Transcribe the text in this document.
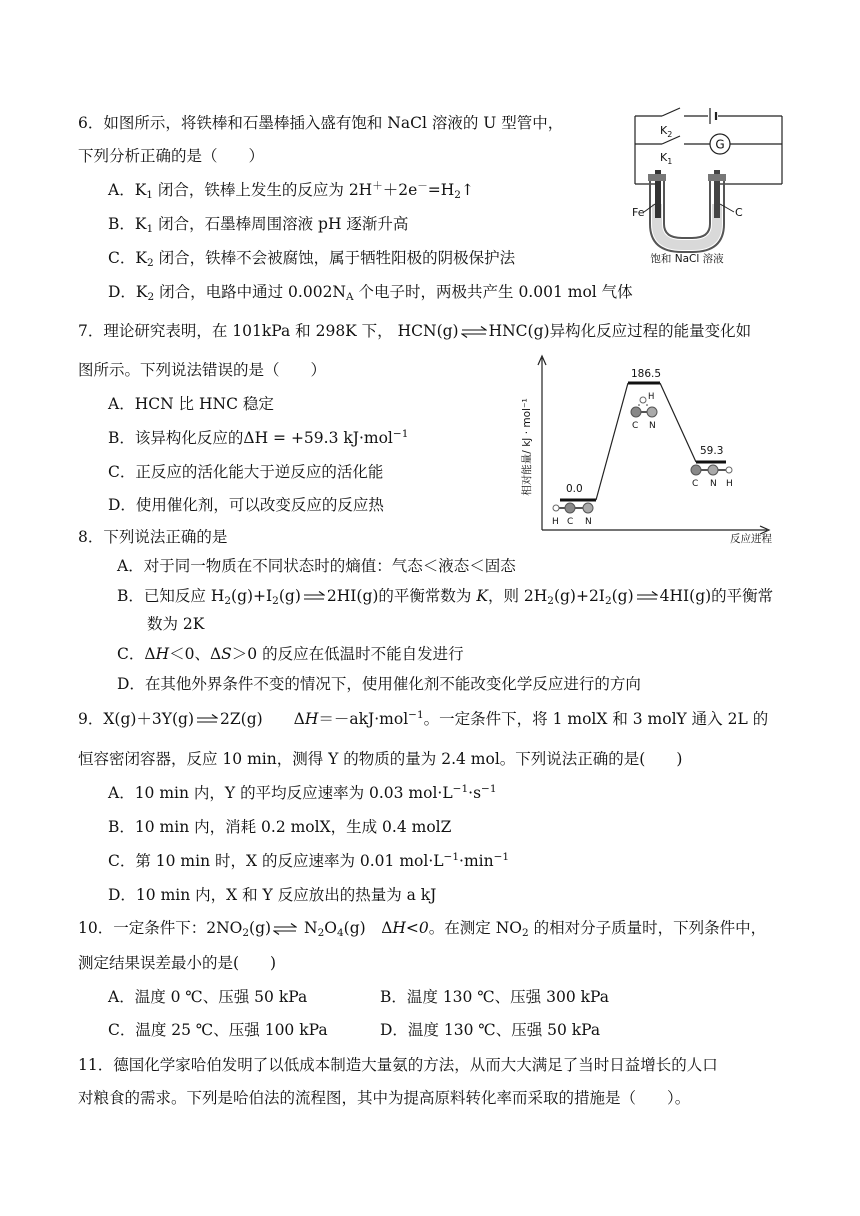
6．如图所示，将铁棒和石墨棒插入盛有饱和 NaCl 溶液的 U 型管中，
下列分析正确的是（　　）
A．$K_1$ 闭合，铁棒上发生的反应为 $2H^++2e^-=H_2↑$
B．$K_1$ 闭合，石墨棒周围溶液 pH 逐渐升高
C．$K_2$ 闭合，铁棒不会被腐蚀，属于牺牲阳极的阴极保护法
D．$K_2$ 闭合，电路中通过 $0.002N_A$ 个电子时，两极共产生 0.001 mol 气体
G
$K_2$
$K_1$
Fe	C
饱和 NaCl 溶液
7．理论研究表明，在 101kPa 和 298K 下， HCN(g) ⇌ HNC(g)异构化反应过程的能量变化如
图所示。下列说法错误的是（　　）
A．HCN 比 HNC 稳定
B．该异构化反应的ΔH = +59.3 kJ·mol$^{-1}$
C．正反应的活化能大于逆反应的活化能
D．使用催化剂，可以改变反应的反应热
相对能量/ kJ · mol⁻¹
反应进程
0.0
186.5
59.3
H C N
H
C N
C N H
8．下列说法正确的是
A．对于同一物质在不同状态时的熵值：气态＜液态＜固态
B．已知反应 $H_2(g)+I_2(g)$ 2HI(g)的平衡常数为 K，则 $2H_2(g)+2I_2(g)$ 4HI(g)的平衡常
数为 2K
C．ΔH＜0、ΔS＞0 的反应在低温时不能自发进行
D．在其他外界条件不变的情况下，使用催化剂不能改变化学反应进行的方向
9．X(g)＋3Y(g) 2Z(g)　　ΔH＝－akJ·mol$^{-1}$。一定条件下，将 1 molX 和 3 molY 通入 2L 的
恒容密闭容器，反应 10 min，测得 Y 的物质的量为 2.4 mol。下列说法正确的是(　　)
A．10 min 内，Y 的平均反应速率为 0.03 $mol\cdot L^{-1}\cdot s^{-1}$
B．10 min 内，消耗 0.2 molX，生成 0.4 molZ
C．第 10 min 时，X 的反应速率为 0.01 $mol\cdot L^{-1}\cdot\min^{-1}$
D．10 min 内，X 和 Y 反应放出的热量为 a kJ
10．一定条件下：$2NO_2(g)$ ⇌ $N_2O_4(g)$　ΔH<0。在测定 $NO_2$ 的相对分子质量时，下列条件中，
测定结果误差最小的是(　　)
A．温度 0 ℃、压强 50 kPa	B．温度 130 ℃、压强 300 kPa
C．温度 25 ℃、压强 100 kPa	D．温度 130 ℃、压强 50 kPa
11．德国化学家哈伯发明了以低成本制造大量氨的方法，从而大大满足了当时日益增长的人口
对粮食的需求。下列是哈伯法的流程图，其中为提高原料转化率而采取的措施是（　　）。
